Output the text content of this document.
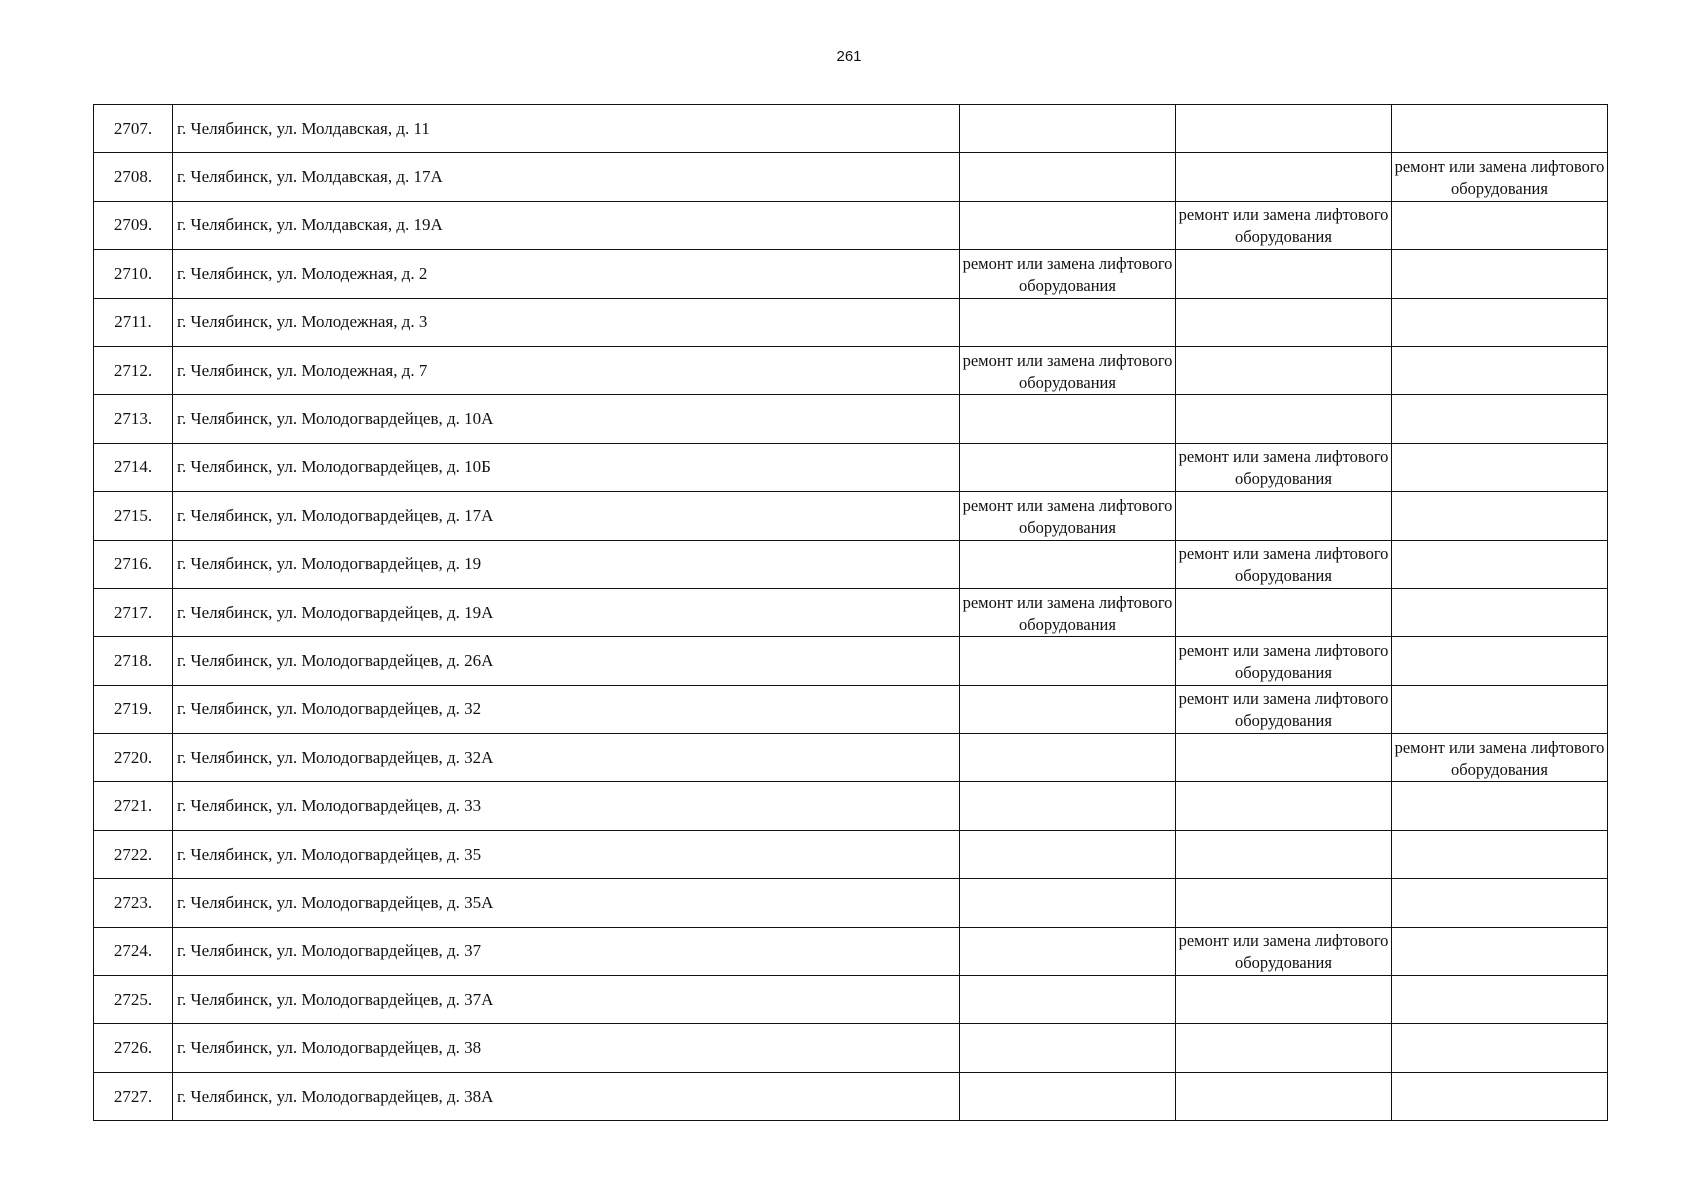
261
2707.	г. Челябинск, ул. Молдавская, д. 11			
2708.	г. Челябинск, ул. Молдавская, д. 17А			ремонт или замена лифтового оборудования
2709.	г. Челябинск, ул. Молдавская, д. 19А		ремонт или замена лифтового оборудования	
2710.	г. Челябинск, ул. Молодежная, д. 2	ремонт или замена лифтового оборудования		
2711.	г. Челябинск, ул. Молодежная, д. 3			
2712.	г. Челябинск, ул. Молодежная, д. 7	ремонт или замена лифтового оборудования		
2713.	г. Челябинск, ул. Молодогвардейцев, д. 10А			
2714.	г. Челябинск, ул. Молодогвардейцев, д. 10Б		ремонт или замена лифтового оборудования	
2715.	г. Челябинск, ул. Молодогвардейцев, д. 17А	ремонт или замена лифтового оборудования		
2716.	г. Челябинск, ул. Молодогвардейцев, д. 19		ремонт или замена лифтового оборудования	
2717.	г. Челябинск, ул. Молодогвардейцев, д. 19А	ремонт или замена лифтового оборудования		
2718.	г. Челябинск, ул. Молодогвардейцев, д. 26А		ремонт или замена лифтового оборудования	
2719.	г. Челябинск, ул. Молодогвардейцев, д. 32		ремонт или замена лифтового оборудования	
2720.	г. Челябинск, ул. Молодогвардейцев, д. 32А			ремонт или замена лифтового оборудования
2721.	г. Челябинск, ул. Молодогвардейцев, д. 33			
2722.	г. Челябинск, ул. Молодогвардейцев, д. 35			
2723.	г. Челябинск, ул. Молодогвардейцев, д. 35А			
2724.	г. Челябинск, ул. Молодогвардейцев, д. 37		ремонт или замена лифтового оборудования	
2725.	г. Челябинск, ул. Молодогвардейцев, д. 37А			
2726.	г. Челябинск, ул. Молодогвардейцев, д. 38			
2727.	г. Челябинск, ул. Молодогвардейцев, д. 38А			
